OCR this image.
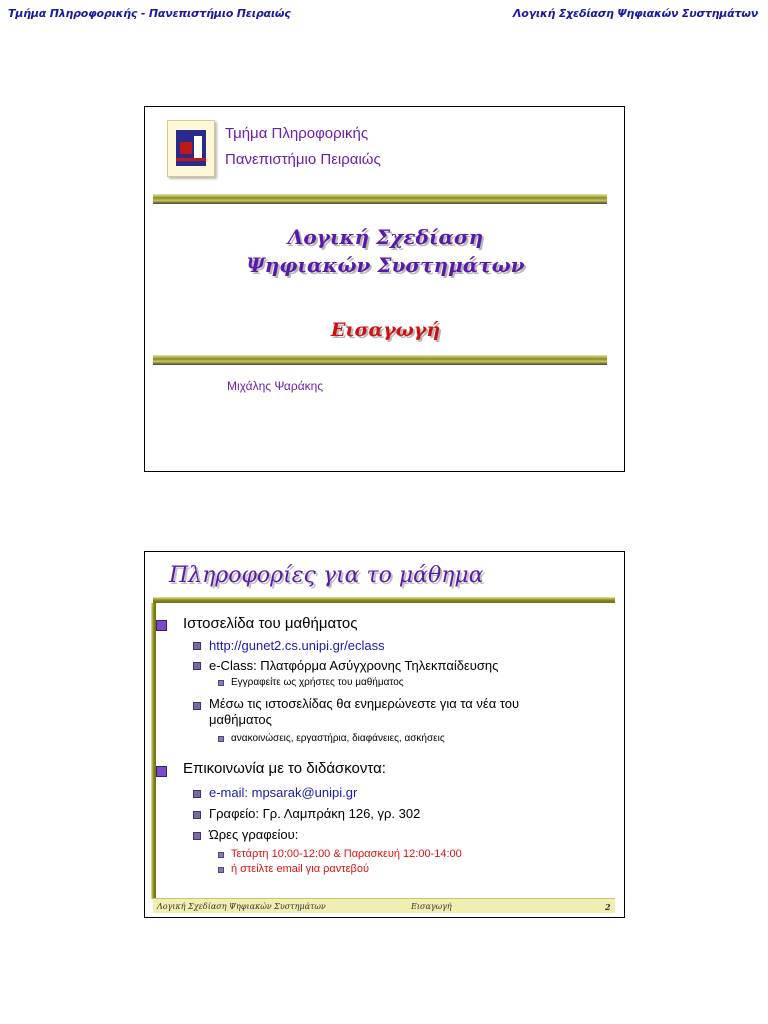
Τμήμα Πληροφορικής - Πανεπιστήμιο Πειραιώς	Λογική Σχεδίαση Ψηφιακών Συστημάτων
Τμήμα Πληροφορικής
Πανεπιστήμιο Πειραιώς
Λογική Σχεδίαση
Ψηφιακών Συστημάτων
Εισαγωγή
Μιχάλης Ψαράκης
Πληροφορίες για το μάθημα
Ιστοσελίδα του μαθήματος
http://gunet2.cs.unipi.gr/eclass
e-Class: Πλατφόρμα Ασύγχρονης Τηλεκπαίδευσης
Εγγραφείτε ως χρήστες του μαθήματος
Μέσω τις ιστοσελίδας θα ενημερώνεστε για τα νέα του
μαθήματος
ανακοινώσεις, εργαστήρια, διαφάνειες, ασκήσεις
Επικοινωνία με το διδάσκοντα:
e-mail: mpsarak@unipi.gr
Γραφείο: Γρ. Λαμπράκη 126, γρ. 302
Ώρες γραφείου:
Τετάρτη 10:00-12:00 & Παρασκευή 12:00-14:00
ή στείλτε email για ραντεβού
Λογική Σχεδίαση Ψηφιακών Συστημάτων	Εισαγωγή	2
